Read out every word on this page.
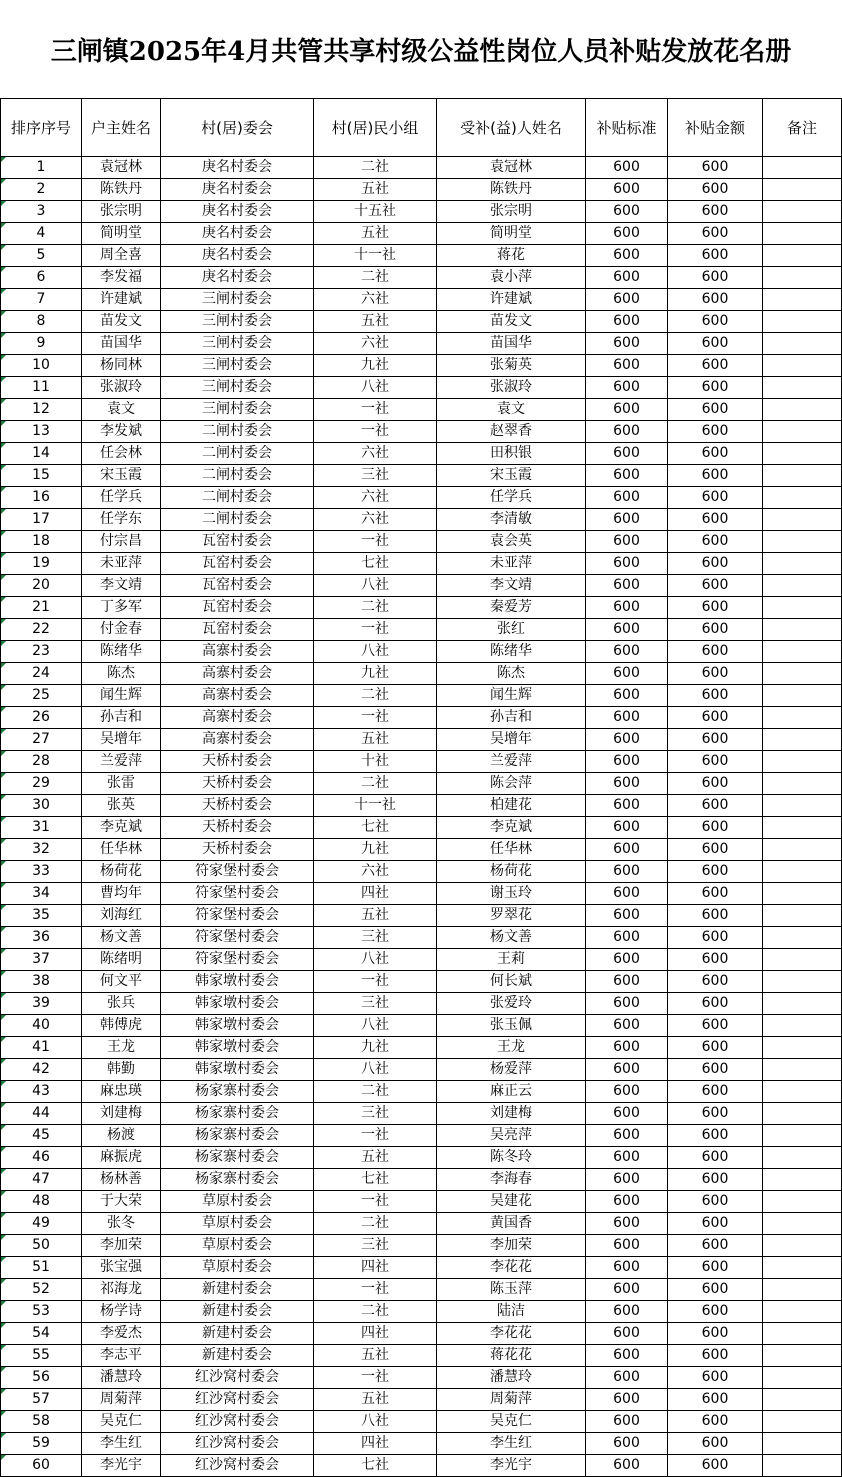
三闸镇2025年4月共管共享村级公益性岗位人员补贴发放花名册
排序序号	户主姓名	村(居)委会	村(居)民小组	受补(益)人姓名	补贴标准	补贴金额	备注
1	袁冠林	庚名村委会	二社	袁冠林	600	600	
2	陈铁丹	庚名村委会	五社	陈铁丹	600	600	
3	张宗明	庚名村委会	十五社	张宗明	600	600	
4	简明堂	庚名村委会	五社	简明堂	600	600	
5	周全喜	庚名村委会	十一社	蒋花	600	600	
6	李发福	庚名村委会	二社	袁小萍	600	600	
7	许建斌	三闸村委会	六社	许建斌	600	600	
8	苗发文	三闸村委会	五社	苗发文	600	600	
9	苗国华	三闸村委会	六社	苗国华	600	600	
10	杨同林	三闸村委会	九社	张菊英	600	600	
11	张淑玲	三闸村委会	八社	张淑玲	600	600	
12	袁文	三闸村委会	一社	袁文	600	600	
13	李发斌	二闸村委会	一社	赵翠香	600	600	
14	任会林	二闸村委会	六社	田积银	600	600	
15	宋玉霞	二闸村委会	三社	宋玉霞	600	600	
16	任学兵	二闸村委会	六社	任学兵	600	600	
17	任学东	二闸村委会	六社	李清敏	600	600	
18	付宗昌	瓦窑村委会	一社	袁会英	600	600	
19	未亚萍	瓦窑村委会	七社	未亚萍	600	600	
20	李文靖	瓦窑村委会	八社	李文靖	600	600	
21	丁多军	瓦窑村委会	二社	秦爱芳	600	600	
22	付金春	瓦窑村委会	一社	张红	600	600	
23	陈绪华	高寨村委会	八社	陈绪华	600	600	
24	陈杰	高寨村委会	九社	陈杰	600	600	
25	闻生辉	高寨村委会	二社	闻生辉	600	600	
26	孙吉和	高寨村委会	一社	孙吉和	600	600	
27	吴增年	高寨村委会	五社	吴增年	600	600	
28	兰爱萍	天桥村委会	十社	兰爱萍	600	600	
29	张雷	天桥村委会	二社	陈会萍	600	600	
30	张英	天桥村委会	十一社	柏建花	600	600	
31	李克斌	天桥村委会	七社	李克斌	600	600	
32	任华林	天桥村委会	九社	任华林	600	600	
33	杨荷花	符家堡村委会	六社	杨荷花	600	600	
34	曹均年	符家堡村委会	四社	谢玉玲	600	600	
35	刘海红	符家堡村委会	五社	罗翠花	600	600	
36	杨文善	符家堡村委会	三社	杨文善	600	600	
37	陈绪明	符家堡村委会	八社	王莉	600	600	
38	何文平	韩家墩村委会	一社	何长斌	600	600	
39	张兵	韩家墩村委会	三社	张爱玲	600	600	
40	韩傅虎	韩家墩村委会	八社	张玉佩	600	600	
41	王龙	韩家墩村委会	九社	王龙	600	600	
42	韩勤	韩家墩村委会	八社	杨爱萍	600	600	
43	麻忠瑛	杨家寨村委会	二社	麻正云	600	600	
44	刘建梅	杨家寨村委会	三社	刘建梅	600	600	
45	杨渡	杨家寨村委会	一社	吴亮萍	600	600	
46	麻振虎	杨家寨村委会	五社	陈冬玲	600	600	
47	杨林善	杨家寨村委会	七社	李海春	600	600	
48	于大荣	草原村委会	一社	吴建花	600	600	
49	张冬	草原村委会	二社	黄国香	600	600	
50	李加荣	草原村委会	三社	李加荣	600	600	
51	张宝强	草原村委会	四社	李花花	600	600	
52	祁海龙	新建村委会	一社	陈玉萍	600	600	
53	杨学诗	新建村委会	二社	陆洁	600	600	
54	李爱杰	新建村委会	四社	李花花	600	600	
55	李志平	新建村委会	五社	蒋花花	600	600	
56	潘慧玲	红沙窝村委会	一社	潘慧玲	600	600	
57	周菊萍	红沙窝村委会	五社	周菊萍	600	600	
58	吴克仁	红沙窝村委会	八社	吴克仁	600	600	
59	李生红	红沙窝村委会	四社	李生红	600	600	
60	李光宇	红沙窝村委会	七社	李光宇	600	600	
